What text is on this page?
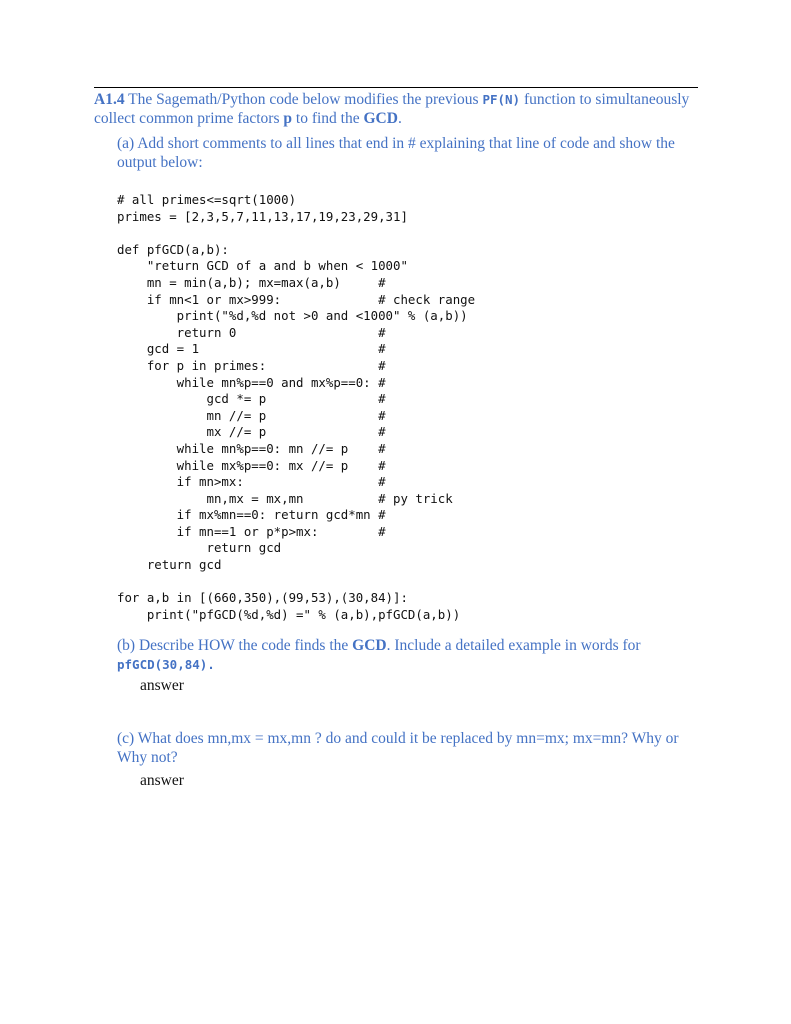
A1.4 The Sagemath/Python code below modifies the previous PF(N) function to simultaneously collect common prime factors p to find the GCD.
(a) Add short comments to all lines that end in # explaining that line of code and show the output below:
# all primes<=sqrt(1000)
primes = [2,3,5,7,11,13,17,19,23,29,31]

def pfGCD(a,b):
"return GCD of a and b when < 1000"
mn = min(a,b); mx=max(a,b)     #
if mn<1 or mx>999:             # check range
print("%d,%d not >0 and <1000" % (a,b))
return 0                   #
gcd = 1                        #
for p in primes:               #
while mn%p==0 and mx%p==0: #
gcd *= p               #
mn //= p               #
mx //= p               #
while mn%p==0: mn //= p    #
while mx%p==0: mx //= p    #
if mn>mx:                  #
mn,mx = mx,mn          # py trick
if mx%mn==0: return gcd*mn #
if mn==1 or p*p>mx:        #
return gcd
return gcd

for a,b in [(660,350),(99,53),(30,84)]:
print("pfGCD(%d,%d) =" % (a,b),pfGCD(a,b))
(b) Describe HOW the code finds the GCD. Include a detailed example in words for pfGCD(30,84).
answer
(c) What does mn,mx = mx,mn ? do and could it be replaced by mn=mx; mx=mn? Why or Why not?
answer
